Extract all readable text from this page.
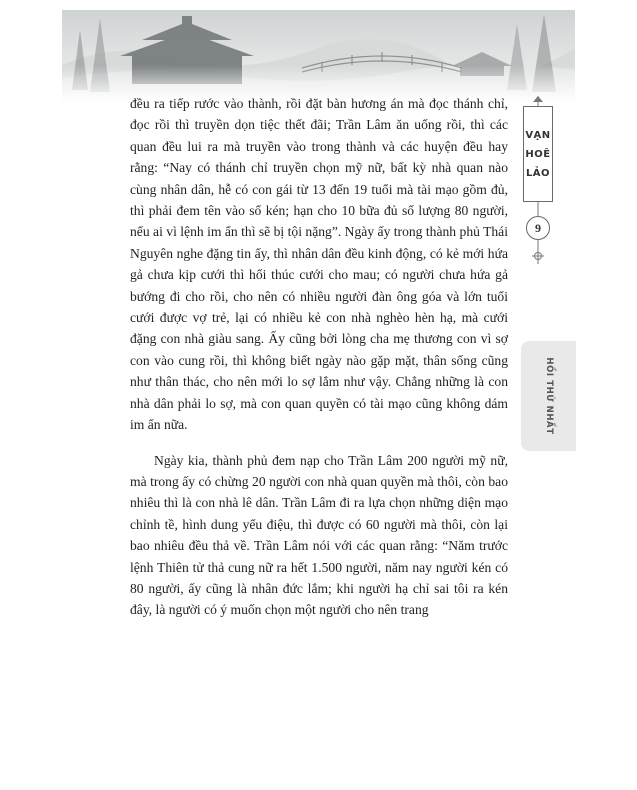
VẠN
HOÊ
LẢO
9
HỒI THỨ NHẤT

đều ra tiếp rước vào thành, rồi đặt bàn hương án mà đọc thánh chỉ, đọc rồi thì truyền dọn tiệc thết đãi; Trần Lâm ăn uống rồi, thì các quan đều lui ra mà truyền vào trong thành và các huyện đều hay rằng: “Nay có thánh chỉ truyền chọn mỹ nữ, bất kỳ nhà quan nào cùng nhân dân, hễ có con gái từ 13 đến 19 tuổi mà tài mạo gồm đủ, thì phải đem tên vào sổ kén; hạn cho 10 bữa đủ số lượng 80 người, nếu ai vì lệnh im ẩn thì sẽ bị tội nặng”. Ngày ấy trong thành phủ Thái Nguyên nghe đặng tin ấy, thì nhân dân đều kinh động, có kẻ mới hứa gả chưa kịp cưới thì hối thúc cưới cho mau; có người chưa hứa gả bướng đi cho rồi, cho nên có nhiều người đàn ông góa và lớn tuổi cưới được vợ trẻ, lại có nhiều kẻ con nhà nghèo hèn hạ, mà cưới đặng con nhà giàu sang. Ấy cũng bởi lòng cha mẹ thương con vì sợ con vào cung rồi, thì không biết ngày nào gặp mặt, thân sống cũng như thân thác, cho nên mới lo sợ lắm như vậy. Chẳng những là con nhà dân phải lo sợ, mà con quan quyền có tài mạo cũng không dám im ẩn nữa.

Ngày kia, thành phủ đem nạp cho Trần Lâm 200 người mỹ nữ, mà trong ấy có chừng 20 người con nhà quan quyền mà thôi, còn bao nhiêu thì là con nhà lê dân. Trần Lâm đi ra lựa chọn những diện mạo chỉnh tề, hình dung yểu điệu, thì được có 60 người mà thôi, còn lại bao nhiêu đều thả về. Trần Lâm nói với các quan rằng: “Năm trước lệnh Thiên tử thả cung nữ ra hết 1.500 người, năm nay người kén có 80 người, ấy cũng là nhân đức lắm; khi người hạ chỉ sai tôi ra kén đây, là người có ý muốn chọn một người cho nên trang
